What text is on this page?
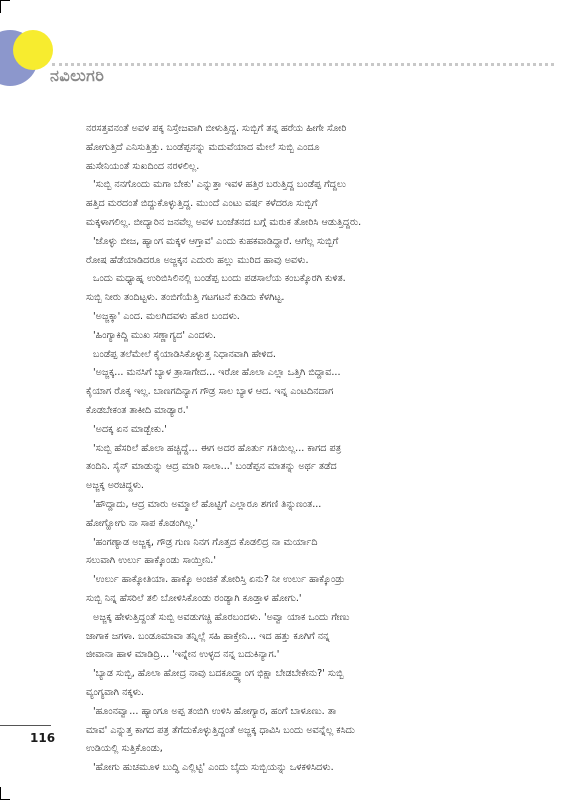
ನವಿಲುಗರಿ
ನರಸತ್ತವನಂತೆ ಅವಳ ಪಕ್ಕ ನಿಸ್ತೇಜವಾಗಿ ಬೀಳುತ್ತಿದ್ದ. ಸುಬ್ಬಿಗೆ ತನ್ನ ಹರೆಯ ಹೀಗೇ ಸೋರಿ
ಹೋಗುತ್ತಿದೆ ಎನಿಸುತ್ತಿತ್ತು. ಬಂಡೆಪ್ಪನನ್ನು ಮದುವೆಯಾದ ಮೇಲೆ ಸುಬ್ಬಿ ಎಂದೂ
ಹುಸೇನಿಯಂತೆ ಸುಖದಿಂದ ನರಳಲಿಲ್ಲ.
'ಸುಬ್ಬಿ ನನಗೊಂದು ಮಗಾ ಬೇಕು' ಎನ್ನುತ್ತಾ ಇವಳ ಹತ್ತಿರ ಬರುತ್ತಿದ್ದ ಬಂಡೆಪ್ಪ ಗೆದ್ದಲು
ಹತ್ತಿದ ಮರದಂತೆ ಬಿದ್ದುಕೊಳ್ಳುತ್ತಿದ್ದ. ಮುಂದೆ ಎಂಟು ವರ್ಷ ಕಳೆದರೂ ಸುಬ್ಬಿಗೆ
ಮಕ್ಕಳಾಗಲಿಲ್ಲ. ಬೀದ್ಯಾರಿನ ಜನವೆಲ್ಲ ಅವಳ ಬಂಜೆತನದ ಬಗ್ಗೆ ಮರುಕ ತೋರಿಸಿ ಆಡುತ್ತಿದ್ದರು.
'ಜೊಳ್ಳು ಬೀಜ, ಹ್ಯಾಂಗ ಮಕ್ಕಳ ಆಗ್ತಾವ' ಎಂದು ಕುಹಕವಾಡಿದ್ದಾರೆ. ಆಗೆಲ್ಲ ಸುಬ್ಬಿಗೆ
ರೋಷ ಹೆಡೆಯಾಡಿದರೂ ಅಜ್ಜಕ್ಕನ ಎದುರು ಹಲ್ಲು ಮುರಿದ ಹಾವು ಅವಳು.
ಒಂದು ಮಧ್ಯಾಹ್ನ ಉರಿಬಿಸಿಲಿನಲ್ಲಿ ಬಂಡೆಪ್ಪ ಬಂದು ಪಡಸಾಲೆಯ ಕಂಬಕ್ಕೊರಗಿ ಕುಳಿತ.
ಸುಬ್ಬಿ ನೀರು ತಂದಿಟ್ಟಳು. ತಂಬಿಗೆಯೆತ್ತಿ ಗಟಗಟನೆ ಕುಡಿದು ಕೆಳಗಿಟ್ಟ.
'ಅಜ್ಜಕ್ಕಾ' ಎಂದ. ಮಲಗಿದವಳು ಹೊರ ಬಂದಳು.
'ಹಿಂಗ್ಯಾಕಿದ್ದಿ ಮುಖ ಸಣ್ಣಾಗ್ಯದ' ಎಂದಳು.
ಬಂಡೆಪ್ಪ ತಲೆಮೇಲೆ ಕೈಯಾಡಿಸಿಕೊಳ್ಳುತ್ತ ನಿಧಾನವಾಗಿ ಹೇಳಿದ.
'ಅಜ್ಜಕ್ಕ... ಮನಸಿಗೆ ಬ್ಯಾಳ ತ್ರಾಸಾಗೇದ... ಇರೋ ಹೊಲಾ ಎಲ್ಲಾ ಒತ್ತಿಗಿ ಬಿದ್ದಾವ...
ಕೈಯಾಗ ರೊಕ್ಕ ಇಲ್ಲ. ಬಾಣಗದಿನ್ಯಾಗ ಗೌಡ್ರ ಸಾಲ ಬ್ಯಾಳ ಆದ. ಇನ್ನ ಎಂಟದಿನದಾಗ
ಕೊಡಬೇಕಂತ ತಾಕೀದಿ ಮಾಡ್ಯಾರ.'
'ಅದಕ್ಕ ಏನ ಮಾಡ್ಬೇಕು.'
'ಸುಬ್ಬಿ ಹೆಸರಿಲೆ ಹೊಲಾ ಹಚ್ಚಿದ್ದೆ... ಈಗ ಅದರ ಹೊರ್ತು ಗತಿಯಿಲ್ಲ... ಕಾಗದ ಪತ್ರ
ತಂದಿನಿ. ಸೈನ್ ಮಾಡುನ್ನು ಆದ್ರ ಮಾರಿ ಸಾಲಾ...' ಬಂಡೆಪ್ಪನ ಮಾತನ್ನು ಅರ್ಥ ತಡೆದ
ಅಜ್ಜಕ್ಕ ಅರಚಿದ್ದಳು.
'ಹೌದ್ದಾದು, ಆದ್ರ ಮಾರು ಅಮ್ಮಾಲೆ ಹೊಟ್ಟಿಗೆ ಎಲ್ಲಾರೂ ಶಗಣಿ ತಿನ್ನುಣಂತ...
ಹೋಗ್ಹೋಗು ನಾ ಸಾಪ ಕೊಡಂಗಿಲ್ಲ.'
'ಹಂಗಣ್ಯಾಡ ಅಜ್ಜಕ್ಕ, ಗೌಡ್ರ ಗುಣ ನಿನಗ ಗೊತ್ತದ ಕೊಡಲಿದ್ರ ನಾ ಮರ್ಯಾದಿ
ಸಲುವಾಗಿ ಉರ್ಲು ಹಾಕ್ಕೊಂಡು ಸಾಯ್ತೀನಿ.'
'ಉರ್ಲು ಹಾಕ್ಕೋತಿಯಾ. ಹಾಕ್ಕೊ ಅಂಜಿಕೆ ತೋರಿಸ್ತಿ ಏನು? ನೀ ಉರ್ಲು ಹಾಕ್ಕೊಂಡ್ರು
ಸುಬ್ಬಿ ನಿನ್ನ ಹೆಸರಿಲೆ ತಲಿ ಬೋಳಿಸಿಕೊಂಡು ರಂಡ್ಯಾಗಿ ಕೂಡ್ತಾಳ ಹೋಗು.'
ಅಜ್ಜಕ್ಕ ಹೇಳುತ್ತಿದ್ದಂತೆ ಸುಬ್ಬಿ ಅವಡುಗಚ್ಚಿ ಹೊರಬಂದಳು. 'ಅವ್ವಾ ಯಾಕ ಒಂದು ಗೇಣು
ಜಾಗಾಕ ಜಗಳಾ. ಬಂಡೂಮಾವಾ ತನ್ನಿಲ್ಲೆ ಸಹಿ ಹಾಕ್ತೇನಿ... ಇದ ಹತ್ತು ಕೂಗಿಗೆ ನನ್ನ
ಜೀವಾನಾ ಹಾಳ ಮಾಡಿದ್ರಿ... 'ಇನ್ನೇನ ಉಳ್ಳದ ನನ್ನ ಬದುಕಿನ್ಯಾಗ.'
'ಬ್ಯಾಡ ಸುಬ್ಬಿ, ಹೊಲಾ ಹೋದ್ರ ನಾವು ಬದಕೂದ್ಹ್ಯಾಂಗ ಭಿಕ್ಷಾ ಬೇಡಬೇಕೇನು?' ಸುಬ್ಬಿ
ವ್ಯಂಗ್ಯವಾಗಿ ನಕ್ಕಳು.
'ಹೂಂನವ್ವಾ... ಹ್ಯಾಂಗೂ ಅಪ್ಪ ತಂಬಿಗಿ ಉಳಿಸಿ ಹೋಗ್ಯಾರ, ಹಂಗೆ ಬಾಳೂಣು. ತಾ
ಮಾವ' ಎನ್ನುತ್ತ ಕಾಗದ ಪತ್ರ ತೆಗೆದುಕೊಳ್ಳುತ್ತಿದ್ದಂತೆ ಅಜ್ಜಕ್ಕ ಧಾವಿಸಿ ಬಂದು ಅವನ್ನೆಲ್ಲ ಕಸಿದು
ಉಡಿಯಲ್ಲಿ ಸುತ್ತಿಕೊಂಡು,
'ಹೋಗು ಹುಚಮೂಳ ಬುದ್ಧಿ ಎಲ್ಲಿಟ್ಟಿ' ಎಂದು ಬೈದು ಸುಬ್ಬಿಯನ್ನು ಒಳಕಳಿಸಿದಳು.
116
